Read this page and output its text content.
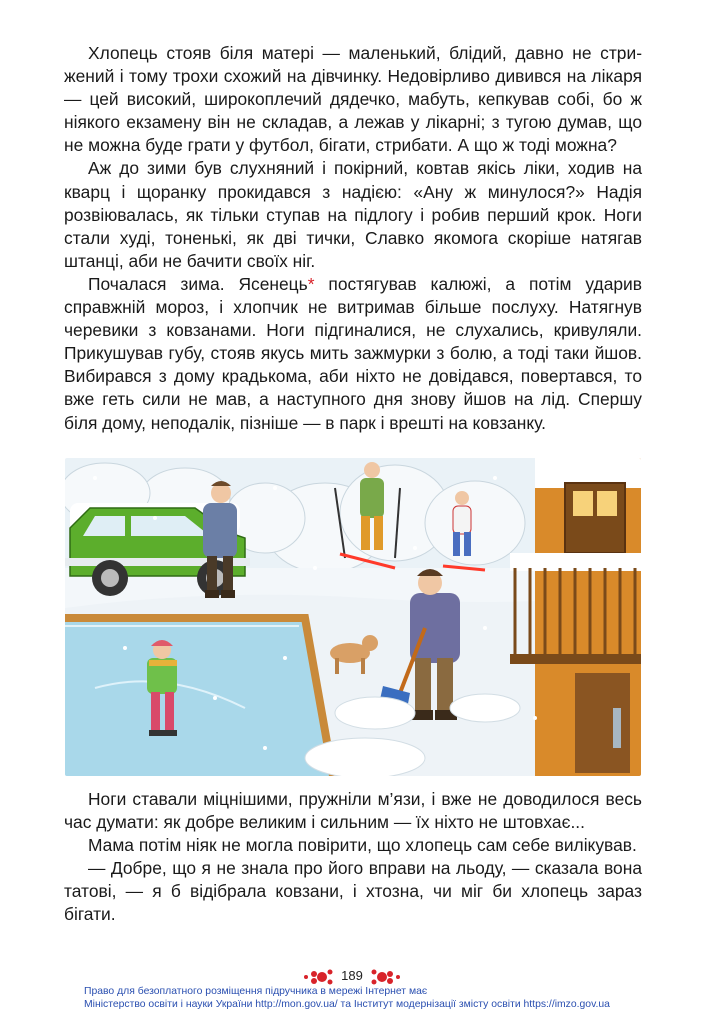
Хлопець стояв біля матері — маленький, блідий, давно не стрижений і тому трохи схожий на дівчинку. Недовірливо дивився на лікаря — цей високий, широкоплечий дядечко, мабуть, кепкував собі, бо ж ніякого екзамену він не складав, а лежав у лікарні; з тугою думав, що не можна буде грати у футбол, бігати, стрибати. А що ж тоді можна?

Аж до зими був слухняний і покірний, ковтав якісь ліки, ходив на кварц і щоранку прокидався з надією: «Ану ж минулося?» Надія розвіювалась, як тільки ступав на підлогу і робив перший крок. Ноги стали худі, тоненькі, як дві тички, Славко якомога скоріше натягав штанці, аби не бачити своїх ніг.

Почалася зима. Ясенець* постягував калюжі, а потім ударив справжній мороз, і хлопчик не витримав більше послуху. Натягнув черевики з ковзанами. Ноги підгиналися, не слухались, кривуляли. Прикушував губу, стояв якусь мить зажмурки з болю, а тоді таки йшов. Вибирався з дому крадькома, аби ніхто не довідався, повертався, то вже геть сили не мав, а наступного дня знову йшов на лід. Спершу біля дому, неподалік, пізніше — в парк і врешті на ковзанку.

Ноги ставали міцнішими, пружніли м’язи, і вже не доводилося весь час думати: як добре великим і сильним — їх ніхто не штовхає...

Мама потім ніяк не могла повірити, що хлопець сам себе вилікував.

— Добре, що я не знала про його вправи на льоду, — сказала вона татові, — я б відібрала ковзани, і хтозна, чи міг би хлопець зараз бігати.

189
Право для безоплатного розміщення підручника в мережі Інтернет має
Міністерство освіти і науки України http://mon.gov.ua/ та Інститут модернізації змісту освіти https://imzo.gov.ua
